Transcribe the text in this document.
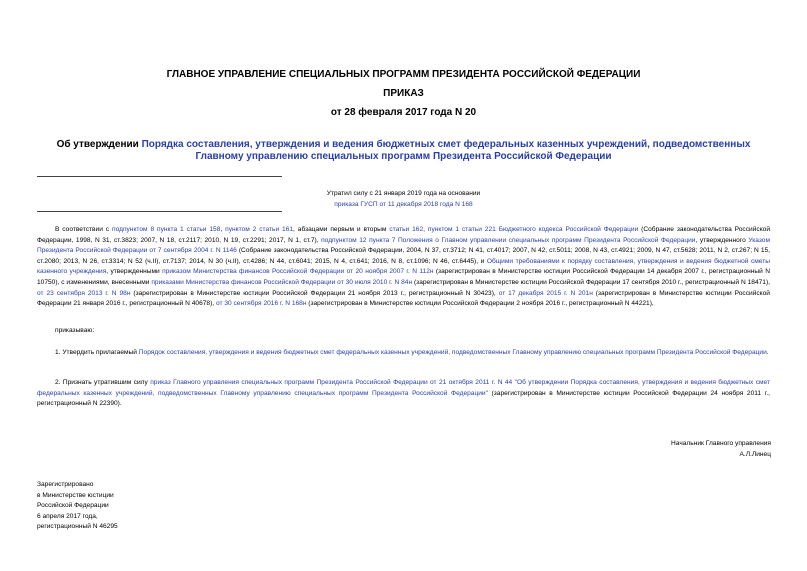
ГЛАВНОЕ УПРАВЛЕНИЕ СПЕЦИАЛЬНЫХ ПРОГРАММ ПРЕЗИДЕНТА РОССИЙСКОЙ ФЕДЕРАЦИИ
ПРИКАЗ
от 28 февраля 2017 года N 20
Об утверждении Порядка составления, утверждения и ведения бюджетных смет федеральных казенных учреждений, подведомственных Главному управлению специальных программ Президента Российской Федерации
Утратил силу с 21 января 2019 года на основании
приказа ГУСП от 11 декабря 2018 года N 168
В соответствии с подпунктом 8 пункта 1 статьи 158, пунктом 2 статьи 161, абзацами первым и вторым статьи 162, пунктом 1 статьи 221 Бюджетного кодекса Российской Федерации (Собрание законодательства Российской Федерации, 1998, N 31, ст.3823; 2007, N 18, ст.2117; 2010, N 19, ст.2291; 2017, N 1, ст.7), подпунктом 12 пункта 7 Положения о Главном управлении специальных программ Президента Российской Федерации, утвержденного Указом Президента Российской Федерации от 7 сентября 2004 г. N 1146 (Собрание законодательства Российской Федерации, 2004, N 37, ст.3712; N 41, ст.4017; 2007, N 42, ст.5011; 2008, N 43, ст.4921; 2009, N 47, ст.5628; 2011, N 2, ст.267; N 15, ст.2080; 2013, N 26, ст.3314; N 52 (ч.II), ст.7137; 2014, N 30 (ч.II), ст.4286; N 44, ст.6041; 2015, N 4, ст.641; 2016, N 8, ст.1096; N 46, ст.6445), и Общими требованиями к порядку составления, утверждения и ведения бюджетной сметы казенного учреждения, утвержденными приказом Министерства финансов Российской Федерации от 20 ноября 2007 г. N 112н (зарегистрирован в Министерстве юстиции Российской Федерации 14 декабря 2007 г., регистрационный N 10750), с изменениями, внесенными приказами Министерства финансов Российской Федерации от 30 июля 2010 г. N 84н (зарегистрирован в Министерстве юстиции Российской Федерации 17 сентября 2010 г., регистрационный N 18471), от 23 сентября 2013 г. N 98н (зарегистрирован в Министерстве юстиции Российской Федерации 21 ноября 2013 г., регистрационный N 30423), от 17 декабря 2015 г. N 201н (зарегистрирован в Министерстве юстиции Российской Федерации 21 января 2016 г., регистрационный N 40678), от 30 сентября 2016 г. N 168н (зарегистрирован в Министерстве юстиции Российской Федерации 2 ноября 2016 г., регистрационный N 44221),
приказываю:
1. Утвердить прилагаемый Порядок составления, утверждения и ведения бюджетных смет федеральных казенных учреждений, подведомственных Главному управлению специальных программ Президента Российской Федерации.
2. Признать утратившим силу приказ Главного управления специальных программ Президента Российской Федерации от 21 октября 2011 г. N 44 "Об утверждении Порядка составления, утверждения и ведения бюджетных смет федеральных казенных учреждений, подведомственных Главному управлению специальных программ Президента Российской Федерации" (зарегистрирован в Министерстве юстиции Российской Федерации 24 ноября 2011 г., регистрационный N 22390).
Начальник Главного управления
А.Л.Линец
Зарегистрировано
в Министерстве юстиции
Российской Федерации
6 апреля 2017 года,
регистрационный N 46295
